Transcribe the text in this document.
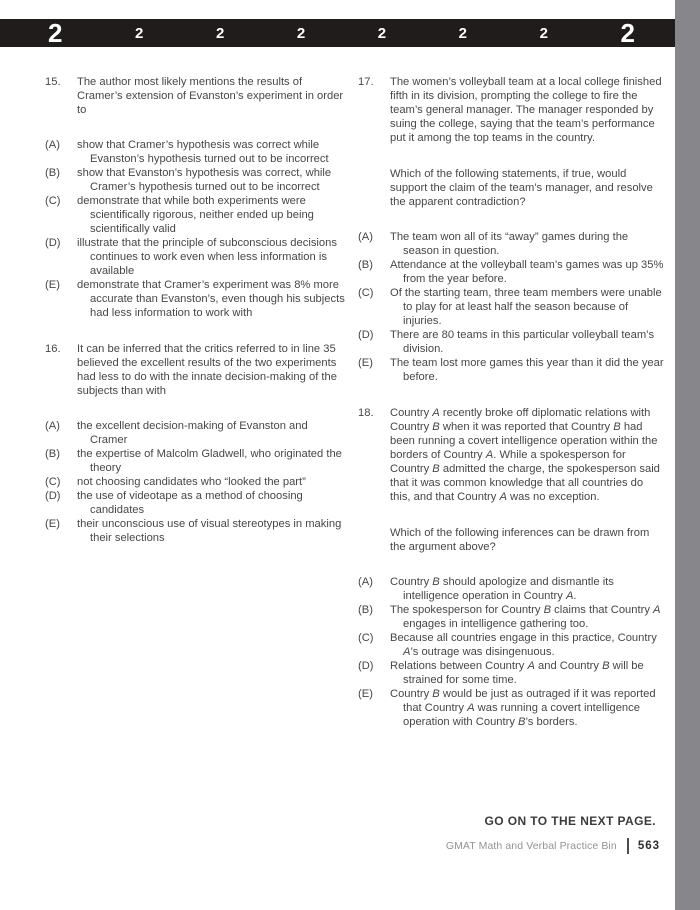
2	2	2	2	2	2	2	2
15.	The author most likely mentions the results of Cramer’s extension of Evanston’s experiment in order to

(A)	show that Cramer’s hypothesis was correct while Evanston’s hypothesis turned out to be incorrect
(B)	show that Evanston’s hypothesis was correct, while Cramer’s hypothesis turned out to be incorrect
(C)	demonstrate that while both experiments were scientifically rigorous, neither ended up being scientifically valid
(D)	illustrate that the principle of subconscious decisions continues to work even when less information is available
(E)	demonstrate that Cramer’s experiment was 8% more accurate than Evanston’s, even though his subjects had less information to work with
16.	It can be inferred that the critics referred to in line 35 believed the excellent results of the two experiments had less to do with the innate decision-making of the subjects than with

(A)	the excellent decision-making of Evanston and Cramer
(B)	the expertise of Malcolm Gladwell, who originated the theory
(C)	not choosing candidates who “looked the part”
(D)	the use of videotape as a method of choosing candidates
(E)	their unconscious use of visual stereotypes in making their selections
17.	The women’s volleyball team at a local college finished fifth in its division, prompting the college to fire the team’s general manager. The manager responded by suing the college, saying that the team’s performance put it among the top teams in the country.

Which of the following statements, if true, would support the claim of the team’s manager, and resolve the apparent contradiction?

(A)	The team won all of its “away” games during the season in question.
(B)	Attendance at the volleyball team’s games was up 35% from the year before.
(C)	Of the starting team, three team members were unable to play for at least half the season because of injuries.
(D)	There are 80 teams in this particular volleyball team’s division.
(E)	The team lost more games this year than it did the year before.
18.	Country A recently broke off diplomatic relations with Country B when it was reported that Country B had been running a covert intelligence operation within the borders of Country A. While a spokesperson for Country B admitted the charge, the spokesperson said that it was common knowledge that all countries do this, and that Country A was no exception.

Which of the following inferences can be drawn from the argument above?

(A)	Country B should apologize and dismantle its intelligence operation in Country A.
(B)	The spokesperson for Country B claims that Country A engages in intelligence gathering too.
(C)	Because all countries engage in this practice, Country A’s outrage was disingenuous.
(D)	Relations between Country A and Country B will be strained for some time.
(E)	Country B would be just as outraged if it was reported that Country A was running a covert intelligence operation with Country B’s borders.
GO ON TO THE NEXT PAGE.
GMAT Math and Verbal Practice Bin 563
